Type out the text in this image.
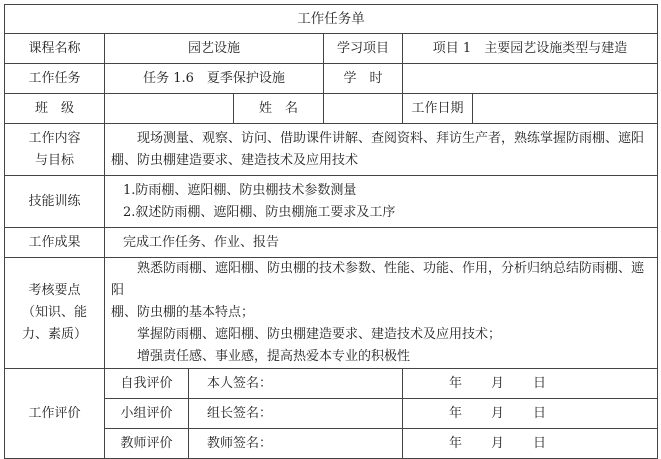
工作任务单						
课程名称	园艺设施			学习项目	项目 1　主要园艺设施类型与建造	
工作任务	任务 1.6　夏季保护设施			学　时		
班　级			姓　名		工作日期	

工作内容
与目标	现场测量、观察、访问、借助课件讲解、查阅资料、拜访生产者，熟练掌握防雨棚、遮阳
棚、防虫棚建造要求、建造技术及应用技术					

技能训练	1.防雨棚、遮阳棚、防虫棚技术参数测量
2.叙述防雨棚、遮阳棚、防虫棚施工要求及工序					

工作成果	完成工作任务、作业、报告					

考核要点
（知识、能
力、素质）	熟悉防雨棚、遮阳棚、防虫棚的技术参数、性能、功能、作用，分析归纳总结防雨棚、遮阳
棚、防虫棚的基本特点；
掌握防雨棚、遮阳棚、防虫棚建造要求、建造技术及应用技术；
增强责任感、事业感，提高热爱本专业的积极性					

工作评价	自我评价	本人签名：			年 月 日	
	小组评价	组长签名：			年 月 日	
	教师评价	教师签名：			年 月 日	
